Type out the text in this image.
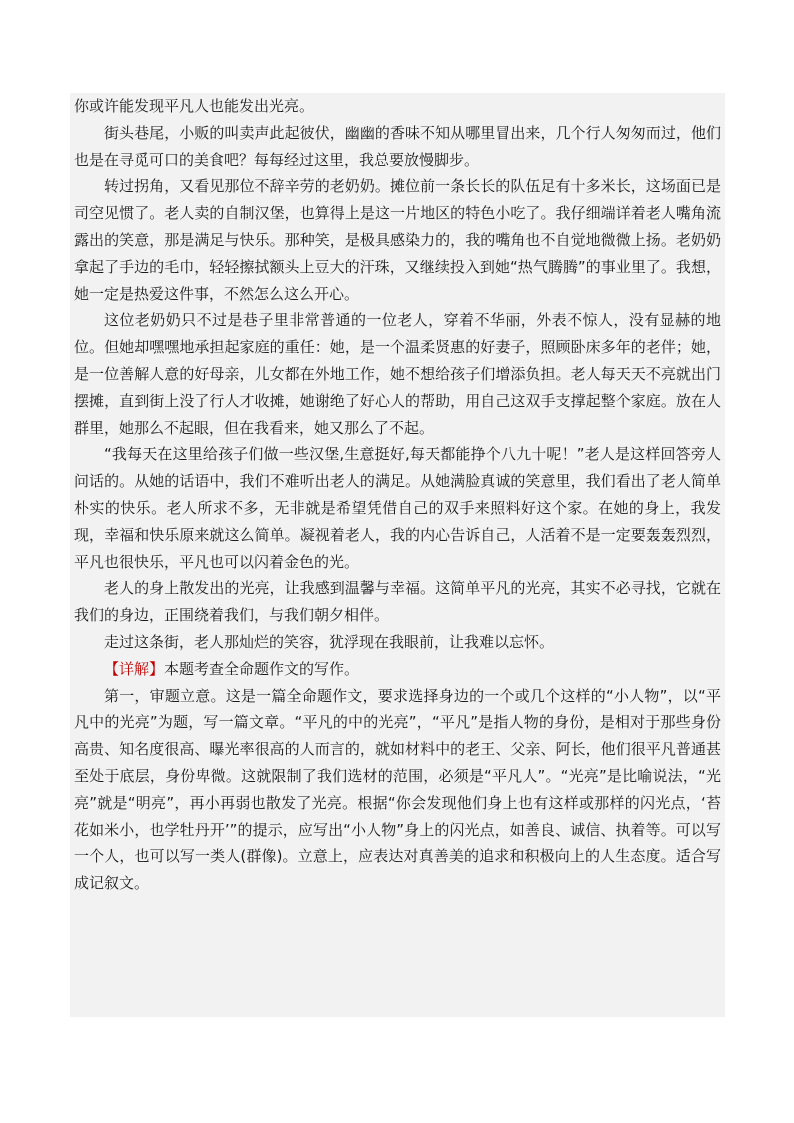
你或许能发现平凡人也能发出光亮。

街头巷尾，小贩的叫卖声此起彼伏，幽幽的香味不知从哪里冒出来，几个行人匆匆而过，他们也是在寻觅可口的美食吧？每每经过这里，我总要放慢脚步。

转过拐角，又看见那位不辞辛劳的老奶奶。摊位前一条长长的队伍足有十多米长，这场面已是司空见惯了。老人卖的自制汉堡，也算得上是这一片地区的特色小吃了。我仔细端详着老人嘴角流露出的笑意，那是满足与快乐。那种笑，是极具感染力的，我的嘴角也不自觉地微微上扬。老奶奶拿起了手边的毛巾，轻轻擦拭额头上豆大的汗珠，又继续投入到她“热气腾腾”的事业里了。我想，她一定是热爱这件事，不然怎么这么开心。

这位老奶奶只不过是巷子里非常普通的一位老人，穿着不华丽，外表不惊人，没有显赫的地位。但她却嘿嘿地承担起家庭的重任：她，是一个温柔贤惠的好妻子，照顾卧床多年的老伴；她，是一位善解人意的好母亲，儿女都在外地工作，她不想给孩子们增添负担。老人每天天不亮就出门摆摊，直到街上没了行人才收摊，她谢绝了好心人的帮助，用自己这双手支撑起整个家庭。放在人群里，她那么不起眼，但在我看来，她又那么了不起。

“我每天在这里给孩子们做一些汉堡,生意挺好,每天都能挣个八九十呢！”老人是这样回答旁人问话的。从她的话语中，我们不难听出老人的满足。从她满脸真诚的笑意里，我们看出了老人简单朴实的快乐。老人所求不多，无非就是希望凭借自己的双手来照料好这个家。在她的身上，我发现，幸福和快乐原来就这么简单。凝视着老人，我的内心告诉自己，人活着不是一定要轰轰烈烈，平凡也很快乐，平凡也可以闪着金色的光。

老人的身上散发出的光亮，让我感到温馨与幸福。这简单平凡的光亮，其实不必寻找，它就在我们的身边，正围绕着我们，与我们朝夕相伴。

走过这条街，老人那灿烂的笑容，犹浮现在我眼前，让我难以忘怀。

【详解】本题考查全命题作文的写作。

第一，审题立意。这是一篇全命题作文，要求选择身边的一个或几个这样的“小人物”，以“平凡中的光亮”为题，写一篇文章。“平凡的中的光亮”，“平凡”是指人物的身份，是相对于那些身份高贵、知名度很高、曝光率很高的人而言的，就如材料中的老王、父亲、阿长，他们很平凡普通甚至处于底层，身份卑微。这就限制了我们选材的范围，必须是“平凡人”。“光亮”是比喻说法，“光亮”就是“明亮”，再小再弱也散发了光亮。根据“你会发现他们身上也有这样或那样的闪光点，‘苔花如米小，也学牡丹开’”的提示，应写出“小人物”身上的闪光点，如善良、诚信、执着等。可以写一个人，也可以写一类人(群像)。立意上，应表达对真善美的追求和积极向上的人生态度。适合写成记叙文。
